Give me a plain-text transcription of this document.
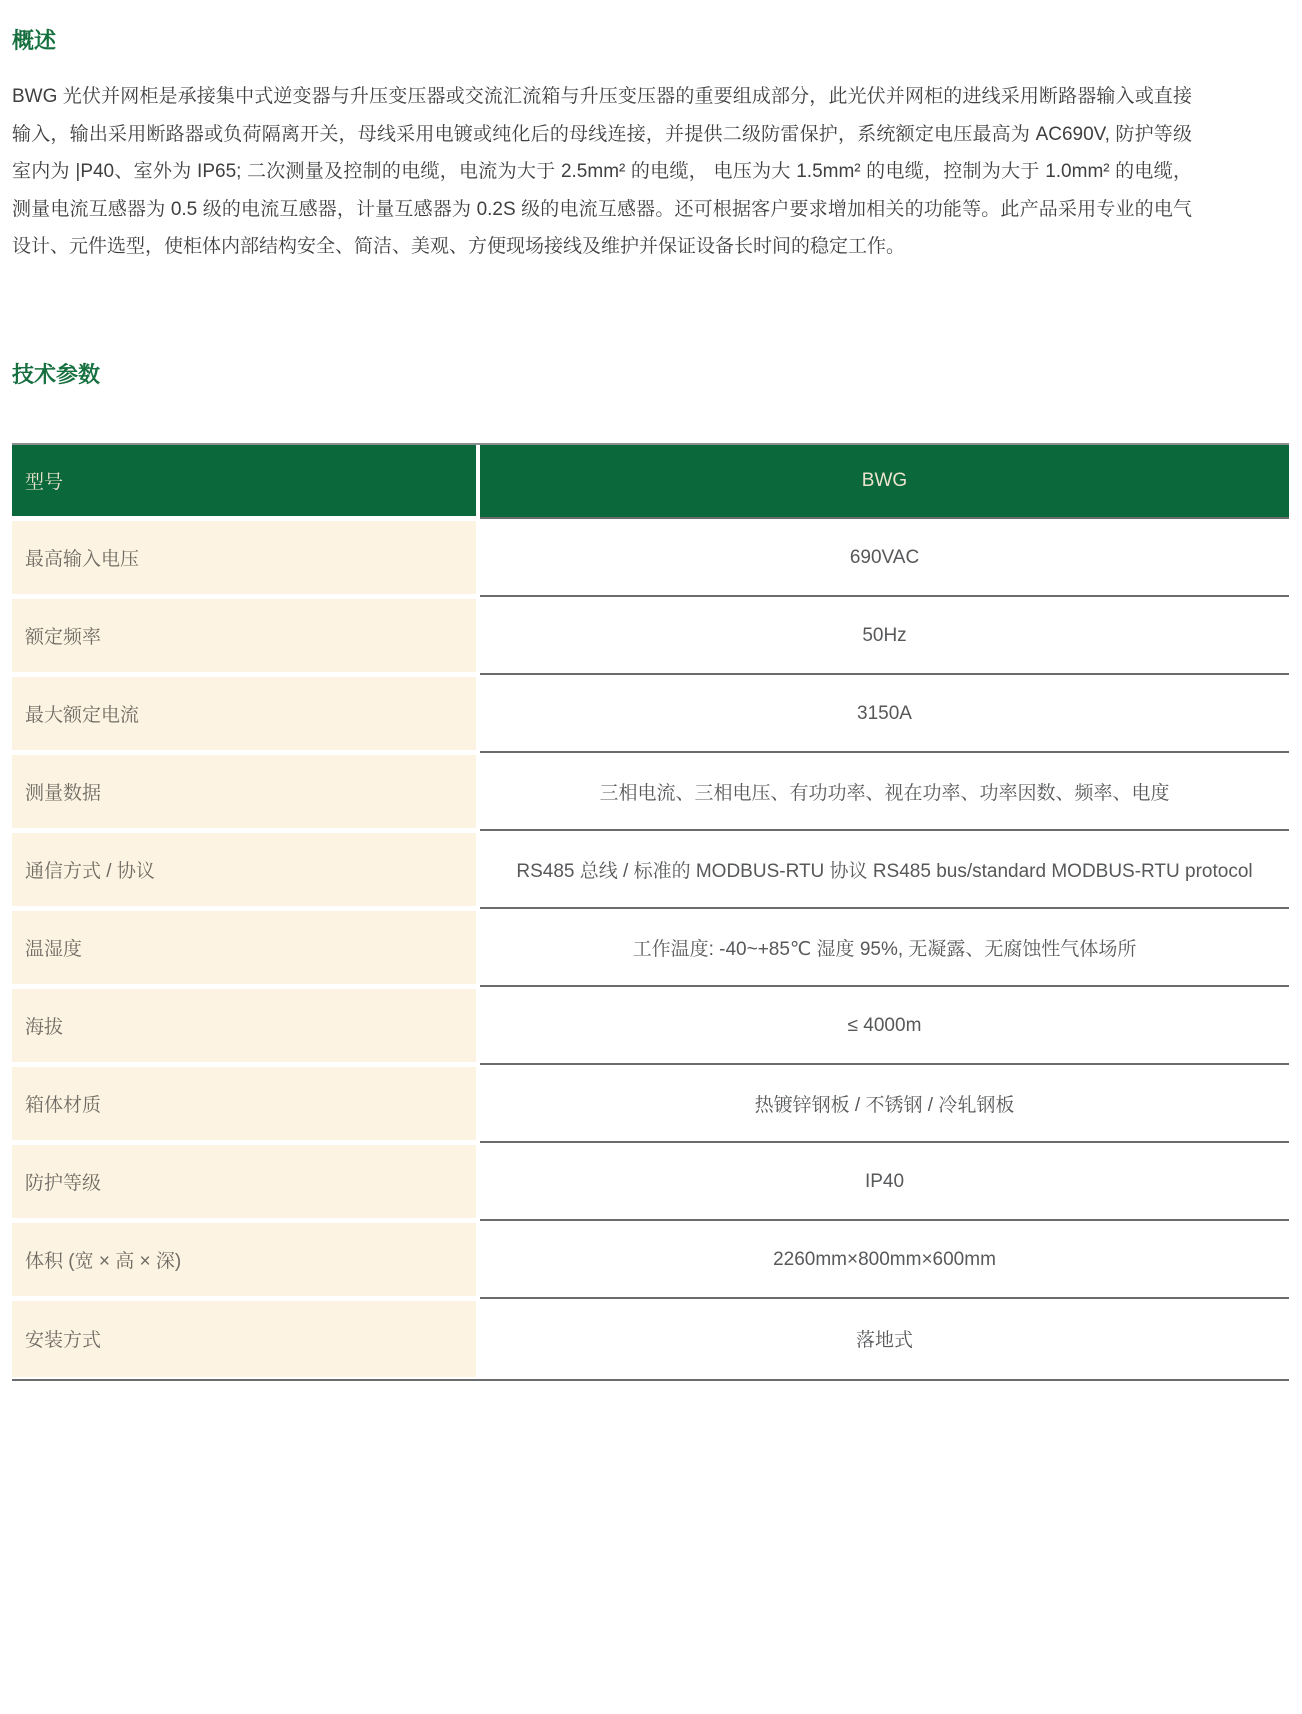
概述

BWG 光伏并网柜是承接集中式逆变器与升压变压器或交流汇流箱与升压变压器的重要组成部分，此光伏并网柜的进线采用断路器输入或直接输入，输出采用断路器或负荷隔离开关，母线采用电镀或纯化后的母线连接，并提供二级防雷保护，系统额定电压最高为 AC690V, 防护等级室内为 |P40、室外为 IP65; 二次测量及控制的电缆，电流为大于 2.5mm² 的电缆， 电压为大 1.5mm² 的电缆，控制为大于 1.0mm² 的电缆，测量电流互感器为 0.5 级的电流互感器，计量互感器为 0.2S 级的电流互感器。还可根据客户要求增加相关的功能等。此产品采用专业的电气设计、元件选型，使柜体内部结构安全、简洁、美观、方便现场接线及维护并保证设备长时间的稳定工作。

技术参数
型号	BWG
最高输入电压	690VAC
额定频率	50Hz
最大额定电流	3150A
测量数据	三相电流、三相电压、有功功率、视在功率、功率因数、频率、电度
通信方式 / 协议	RS485 总线 / 标准的 MODBUS-RTU 协议 RS485 bus/standard MODBUS-RTU protocol
温湿度	工作温度: -40~+85℃ 湿度 95%, 无凝露、无腐蚀性气体场所
海拔	≤ 4000m
箱体材质	热镀锌钢板 / 不锈钢 / 冷轧钢板
防护等级	IP40
体积 (宽 × 高 × 深)	2260mm×800mm×600mm
安装方式	落地式
